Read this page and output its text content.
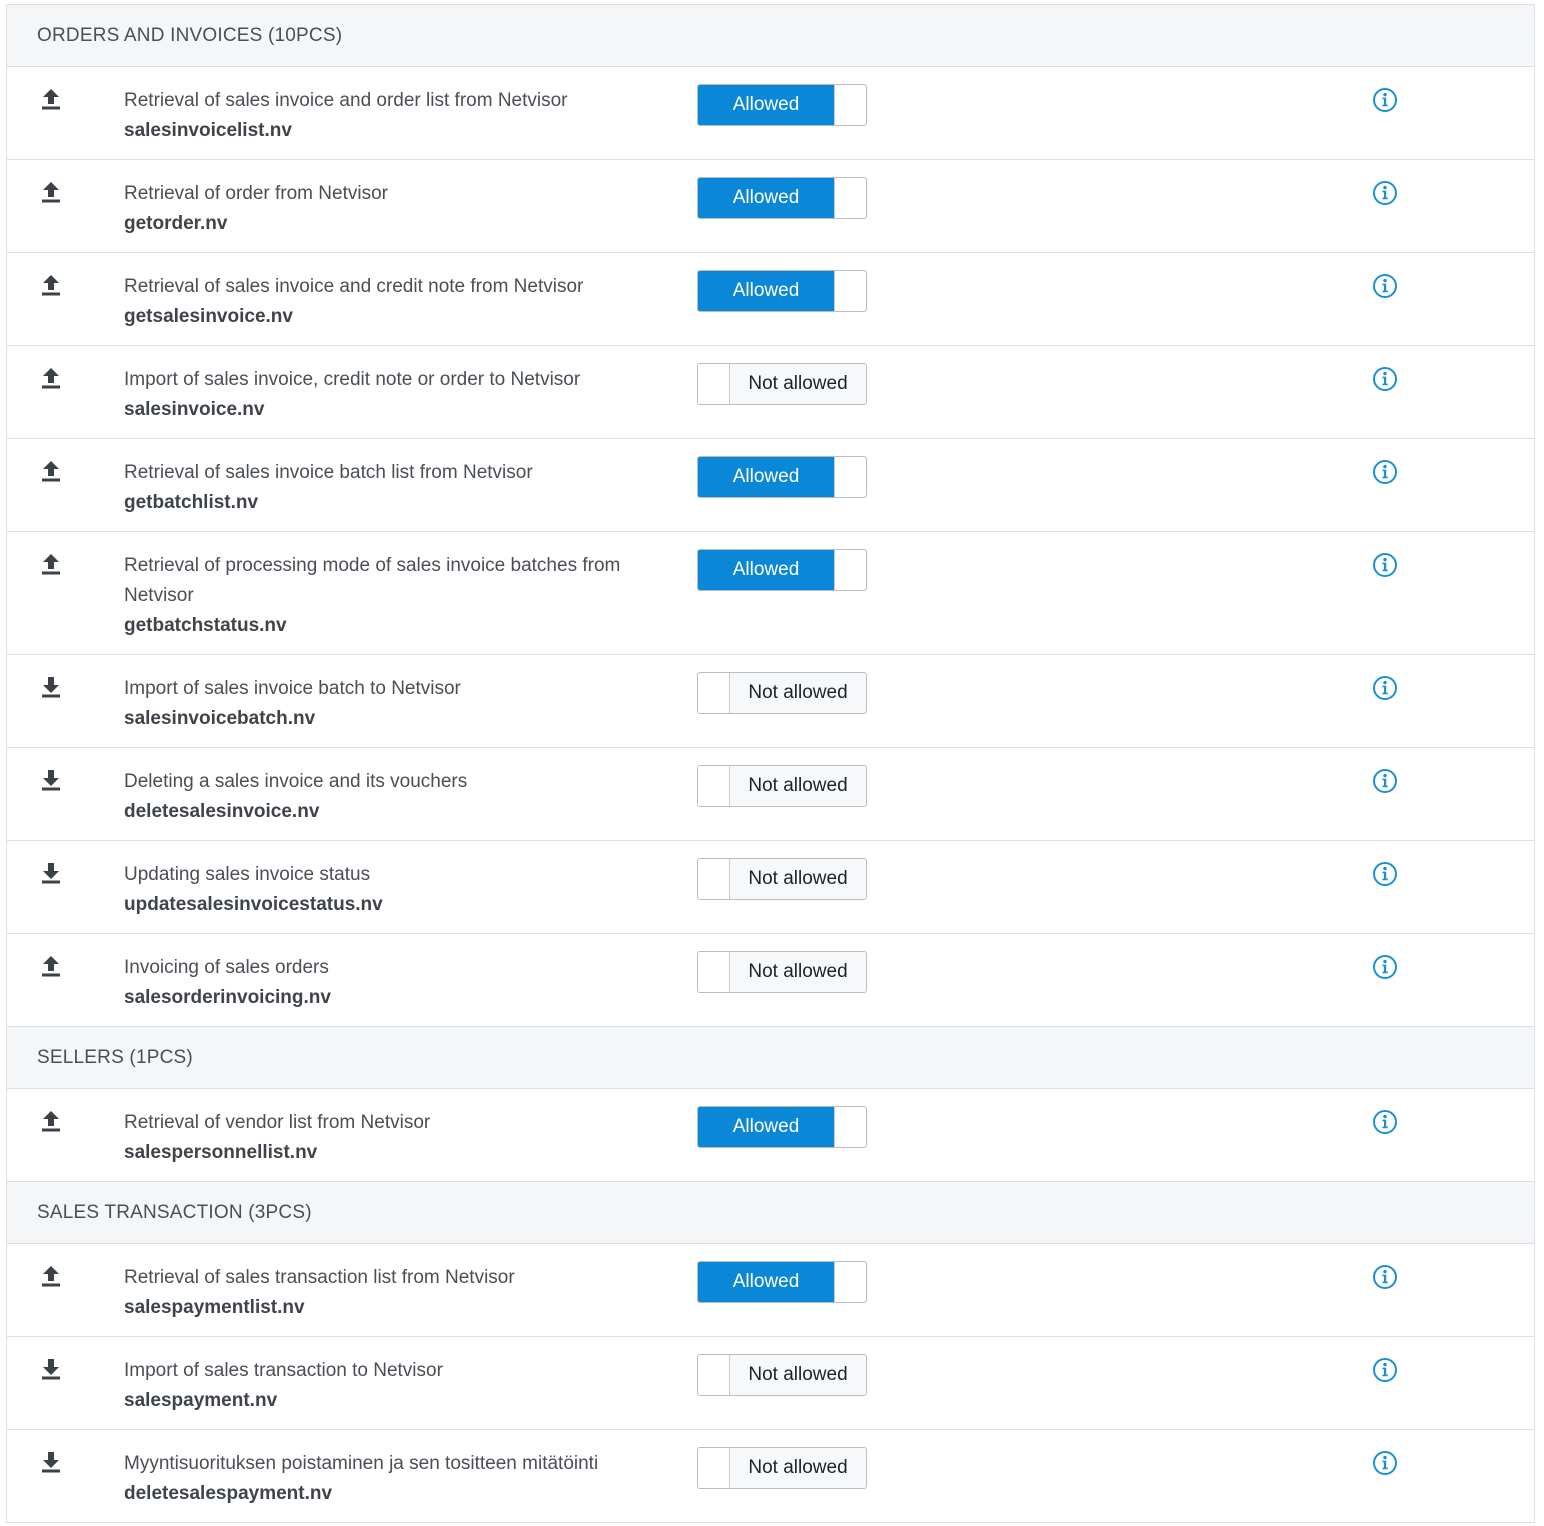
ORDERS AND INVOICES (10PCS)
Retrieval of sales invoice and order list from Netvisor
salesinvoicelist.nv
Allowed
Retrieval of order from Netvisor
getorder.nv
Allowed
Retrieval of sales invoice and credit note from Netvisor
getsalesinvoice.nv
Allowed
Import of sales invoice, credit note or order to Netvisor
salesinvoice.nv
Not allowed
Retrieval of sales invoice batch list from Netvisor
getbatchlist.nv
Allowed
Retrieval of processing mode of sales invoice batches from Netvisor
getbatchstatus.nv
Allowed
Import of sales invoice batch to Netvisor
salesinvoicebatch.nv
Not allowed
Deleting a sales invoice and its vouchers
deletesalesinvoice.nv
Not allowed
Updating sales invoice status
updatesalesinvoicestatus.nv
Not allowed
Invoicing of sales orders
salesorderinvoicing.nv
Not allowed
SELLERS (1PCS)
Retrieval of vendor list from Netvisor
salespersonnellist.nv
Allowed
SALES TRANSACTION (3PCS)
Retrieval of sales transaction list from Netvisor
salespaymentlist.nv
Allowed
Import of sales transaction to Netvisor
salespayment.nv
Not allowed
Myyntisuorituksen poistaminen ja sen tositteen mitätöinti
deletesalespayment.nv
Not allowed
